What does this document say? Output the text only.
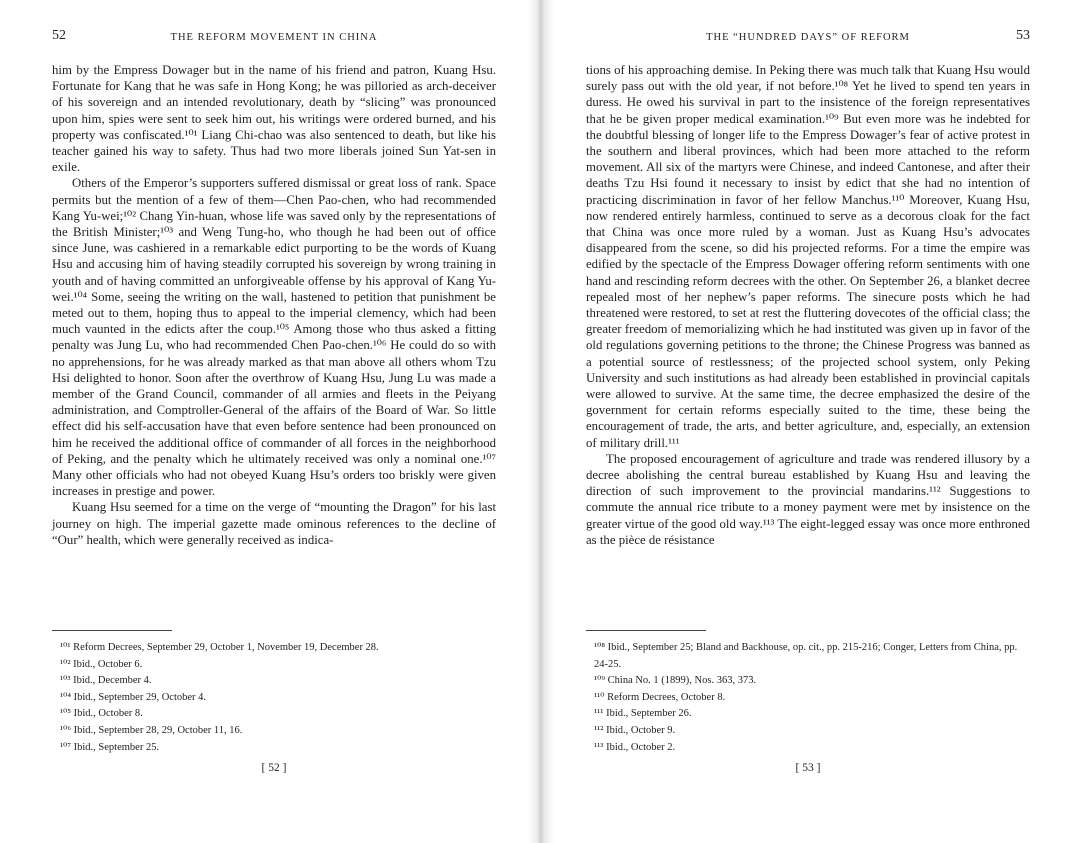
52	THE REFORM MOVEMENT IN CHINA

him by the Empress Dowager but in the name of his friend and patron, Kuang Hsu. Fortunate for Kang that he was safe in Hong Kong; he was pilloried as arch-deceiver of his sovereign and an intended revolutionary, death by “slicing” was pronounced upon him, spies were sent to seek him out, his writings were ordered burned, and his property was confiscated.¹⁰¹ Liang Chi-chao was also sentenced to death, but like his teacher gained his way to safety. Thus had two more liberals joined Sun Yat-sen in exile.

Others of the Emperor’s supporters suffered dismissal or great loss of rank. Space permits but the mention of a few of them—Chen Pao-chen, who had recommended Kang Yu-wei;¹⁰² Chang Yin-huan, whose life was saved only by the representations of the British Minister;¹⁰³ and Weng Tung-ho, who though he had been out of office since June, was cashiered in a remarkable edict purporting to be the words of Kuang Hsu and accusing him of having steadily corrupted his sovereign by wrong training in youth and of having committed an unforgiveable offense by his approval of Kang Yu-wei.¹⁰⁴ Some, seeing the writing on the wall, hastened to petition that punishment be meted out to them, hoping thus to appeal to the imperial clemency, which had been much vaunted in the edicts after the coup.¹⁰⁵ Among those who thus asked a fitting penalty was Jung Lu, who had recommended Chen Pao-chen.¹⁰⁶ He could do so with no apprehensions, for he was already marked as that man above all others whom Tzu Hsi delighted to honor. Soon after the overthrow of Kuang Hsu, Jung Lu was made a member of the Grand Council, commander of all armies and fleets in the Peiyang administration, and Comptroller-General of the affairs of the Board of War. So little effect did his self-accusation have that even before sentence had been pronounced on him he received the additional office of commander of all forces in the neighborhood of Peking, and the penalty which he ultimately received was only a nominal one.¹⁰⁷ Many other officials who had not obeyed Kuang Hsu’s orders too briskly were given increases in prestige and power.

Kuang Hsu seemed for a time on the verge of “mounting the Dragon” for his last journey on high. The imperial gazette made ominous references to the decline of “Our” health, which were generally received as indica-

¹⁰¹ Reform Decrees, September 29, October 1, November 19, December 28.
¹⁰² Ibid., October 6.
¹⁰³ Ibid., December 4.
¹⁰⁴ Ibid., September 29, October 4.
¹⁰⁵ Ibid., October 8.
¹⁰⁶ Ibid., September 28, 29, October 11, 16.
¹⁰⁷ Ibid., September 25.
[ 52 ]
THE “HUNDRED DAYS” OF REFORM	53

tions of his approaching demise. In Peking there was much talk that Kuang Hsu would surely pass out with the old year, if not before.¹⁰⁸ Yet he lived to spend ten years in duress. He owed his survival in part to the insistence of the foreign representatives that he be given proper medical examination.¹⁰⁹ But even more was he indebted for the doubtful blessing of longer life to the Empress Dowager’s fear of active protest in the southern and liberal provinces, which had been more attached to the reform movement. All six of the martyrs were Chinese, and indeed Cantonese, and after their deaths Tzu Hsi found it necessary to insist by edict that she had no intention of practicing discrimination in favor of her fellow Manchus.¹¹⁰ Moreover, Kuang Hsu, now rendered entirely harmless, continued to serve as a decorous cloak for the fact that China was once more ruled by a woman. Just as Kuang Hsu’s advocates disappeared from the scene, so did his projected reforms. For a time the empire was edified by the spectacle of the Empress Dowager offering reform sentiments with one hand and rescinding reform decrees with the other. On September 26, a blanket decree repealed most of her nephew’s paper reforms. The sinecure posts which he had threatened were restored, to set at rest the fluttering dovecotes of the official class; the greater freedom of memorializing which he had instituted was given up in favor of the old regulations governing petitions to the throne; the Chinese Progress was banned as a potential source of restlessness; of the projected school system, only Peking University and such institutions as had already been established in provincial capitals were allowed to survive. At the same time, the decree emphasized the desire of the government for certain reforms especially suited to the time, these being the encouragement of trade, the arts, and better agriculture, and, especially, an extension of military drill.¹¹¹

The proposed encouragement of agriculture and trade was rendered illusory by a decree abolishing the central bureau established by Kuang Hsu and leaving the direction of such improvement to the provincial mandarins.¹¹² Suggestions to commute the annual rice tribute to a money payment were met by insistence on the greater virtue of the good old way.¹¹³ The eight-legged essay was once more enthroned as the pièce de résistance

¹⁰⁸ Ibid., September 25; Bland and Backhouse, op. cit., pp. 215-216; Conger, Letters from China, pp. 24-25.
¹⁰⁹ China No. 1 (1899), Nos. 363, 373.
¹¹⁰ Reform Decrees, October 8.
¹¹¹ Ibid., September 26.
¹¹² Ibid., October 9.
¹¹³ Ibid., October 2.
[ 53 ]
